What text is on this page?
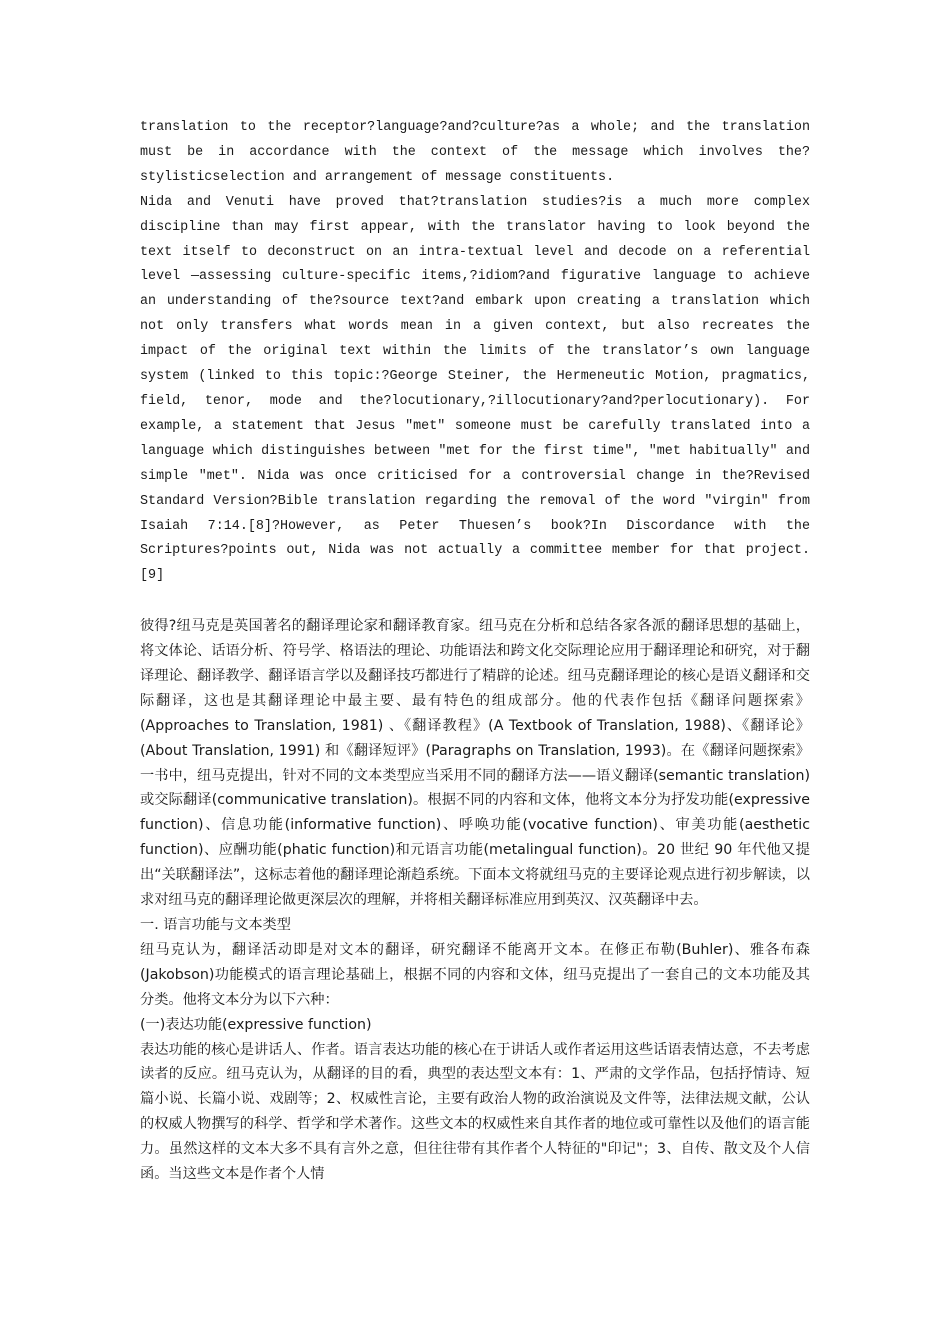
translation to the receptor?language?and?culture?as a whole; and the translation must be in accordance with the context of the message which involves the?stylisticselection and arrangement of message constituents.

Nida and Venuti have proved that?translation studies?is a much more complex discipline than may first appear, with the translator having to look beyond the text itself to deconstruct on an intra-textual level and decode on a referential level —assessing culture-specific items,?idiom?and figurative language to achieve an understanding of the?source text?and embark upon creating a translation which not only transfers what words mean in a given context, but also recreates the impact of the original text within the limits of the translator’s own language system (linked to this topic:?George Steiner, the Hermeneutic Motion, pragmatics, field, tenor, mode and the?locutionary,?illocutionary?and?perlocutionary). For example, a statement that Jesus "met" someone must be carefully translated into a language which distinguishes between "met for the first time", "met habitually" and simple "met". Nida was once criticised for a controversial change in the?Revised Standard Version?Bible translation regarding the removal of the word "virgin" from Isaiah 7:14.[8]?However, as Peter Thuesen’s book?In Discordance with the Scriptures?points out, Nida was not actually a committee member for that project.[9]

彼得?纽马克是英国著名的翻译理论家和翻译教育家。纽马克在分析和总结各家各派的翻译思想的基础上，将文体论、话语分析、符号学、格语法的理论、功能语法和跨文化交际理论应用于翻译理论和研究，对于翻译理论、翻译教学、翻译语言学以及翻译技巧都进行了精辟的论述。纽马克翻译理论的核心是语义翻译和交际翻译，这也是其翻译理论中最主要、最有特色的组成部分。他的代表作包括《翻译问题探索》(Approaches to Translation, 1981) 、《翻译教程》(A Textbook of Translation, 1988)、《翻译论》(About Translation, 1991) 和《翻译短评》(Paragraphs on Translation, 1993)。在《翻译问题探索》一书中，纽马克提出，针对不同的文本类型应当采用不同的翻译方法——语义翻译(semantic translation) 或交际翻译(communicative translation)。根据不同的内容和文体，他将文本分为抒发功能(expressive function)、信息功能(informative function)、呼唤功能(vocative function)、审美功能(aesthetic function)、应酬功能(phatic function)和元语言功能(metalingual function)。20 世纪 90 年代他又提出“关联翻译法”，这标志着他的翻译理论渐趋系统。下面本文将就纽马克的主要译论观点进行初步解读，以求对纽马克的翻译理论做更深层次的理解，并将相关翻译标准应用到英汉、汉英翻译中去。

一. 语言功能与文本类型

纽马克认为，翻译活动即是对文本的翻译，研究翻译不能离开文本。在修正布勒(Buhler)、雅各布森(Jakobson)功能模式的语言理论基础上，根据不同的内容和文体，纽马克提出了一套自己的文本功能及其分类。他将文本分为以下六种：

(一)表达功能(expressive function)

表达功能的核心是讲话人、作者。语言表达功能的核心在于讲话人或作者运用这些话语表情达意，不去考虑读者的反应。纽马克认为，从翻译的目的看，典型的表达型文本有：1、严肃的文学作品，包括抒情诗、短篇小说、长篇小说、戏剧等；2、权威性言论，主要有政治人物的政治演说及文件等，法律法规文献，公认的权威人物撰写的科学、哲学和学术著作。这些文本的权威性来自其作者的地位或可靠性以及他们的语言能力。虽然这样的文本大多不具有言外之意，但往往带有其作者个人特征的"印记"；3、自传、散文及个人信函。当这些文本是作者个人情
